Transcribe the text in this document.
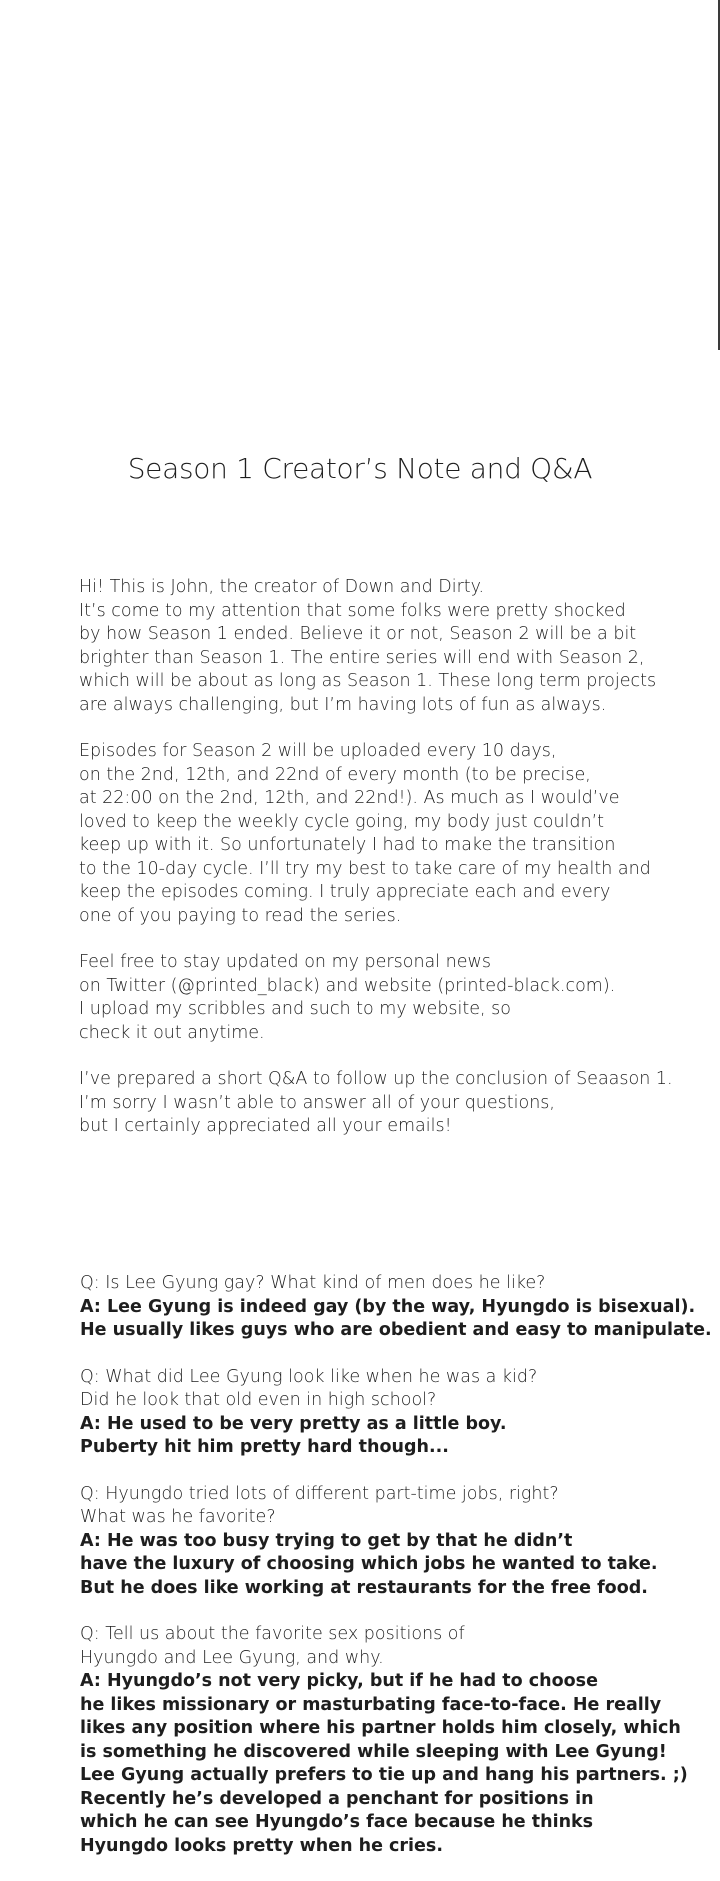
Season 1 Creator’s Note and Q&A

Hi! This is John, the creator of Down and Dirty.
It’s come to my attention that some folks were pretty shocked
by how Season 1 ended. Believe it or not, Season 2 will be a bit
brighter than Season 1. The entire series will end with Season 2,
which will be about as long as Season 1. These long term projects
are always challenging, but I’m having lots of fun as always.

Episodes for Season 2 will be uploaded every 10 days,
on the 2nd, 12th, and 22nd of every month (to be precise,
at 22:00 on the 2nd, 12th, and 22nd!). As much as I would’ve
loved to keep the weekly cycle going, my body just couldn’t
keep up with it. So unfortunately I had to make the transition
to the 10-day cycle. I’ll try my best to take care of my health and
keep the episodes coming. I truly appreciate each and every
one of you paying to read the series.

Feel free to stay updated on my personal news
on Twitter (@printed_black) and website (printed-black.com).
I upload my scribbles and such to my website, so
check it out anytime.

I’ve prepared a short Q&A to follow up the conclusion of Seaason 1.
I’m sorry I wasn’t able to answer all of your questions,
but I certainly appreciated all your emails!

Q: Is Lee Gyung gay? What kind of men does he like?
A: Lee Gyung is indeed gay (by the way, Hyungdo is bisexual).
He usually likes guys who are obedient and easy to manipulate.
Q: What did Lee Gyung look like when he was a kid?
Did he look that old even in high school?
A: He used to be very pretty as a little boy.
Puberty hit him pretty hard though...
Q: Hyungdo tried lots of different part-time jobs, right?
What was he favorite?
A: He was too busy trying to get by that he didn’t
have the luxury of choosing which jobs he wanted to take.
But he does like working at restaurants for the free food.
Q: Tell us about the favorite sex positions of
Hyungdo and Lee Gyung, and why.
A: Hyungdo’s not very picky, but if he had to choose
he likes missionary or masturbating face-to-face. He really
likes any position where his partner holds him closely, which
is something he discovered while sleeping with Lee Gyung!
Lee Gyung actually prefers to tie up and hang his partners. ;)
Recently he’s developed a penchant for positions in
which he can see Hyungdo’s face because he thinks
Hyungdo looks pretty when he cries.
